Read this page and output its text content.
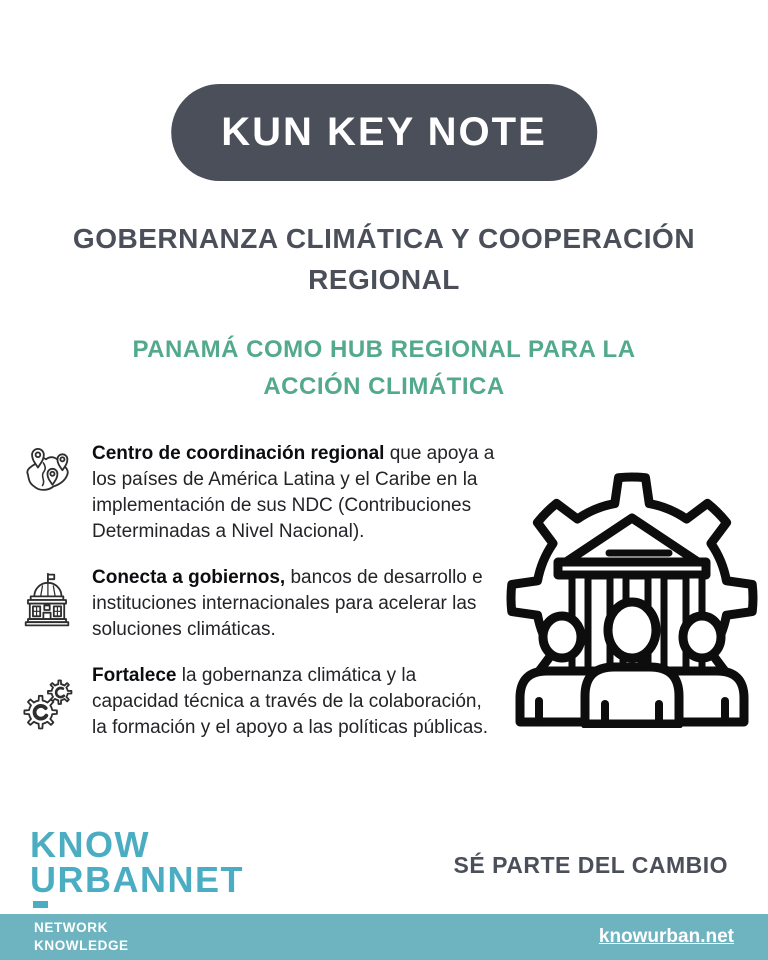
KUN KEY NOTE
GOBERNANZA CLIMÁTICA Y COOPERACIÓN REGIONAL
PANAMÁ COMO HUB REGIONAL PARA LA ACCIÓN CLIMÁTICA

Centro de coordinación regional que apoya a los países de América Latina y el Caribe en la implementación de sus NDC (Contribuciones Determinadas a Nivel Nacional).

Conecta a gobiernos, bancos de desarrollo e instituciones internacionales para acelerar las soluciones climáticas.

Fortalece la gobernanza climática y la capacidad técnica a través de la colaboración, la formación y el apoyo a las políticas públicas.

KNOW
URBANNET	SÉ PARTE DEL CAMBIO
NETWORK
KNOWLEDGE	knowurban.net
